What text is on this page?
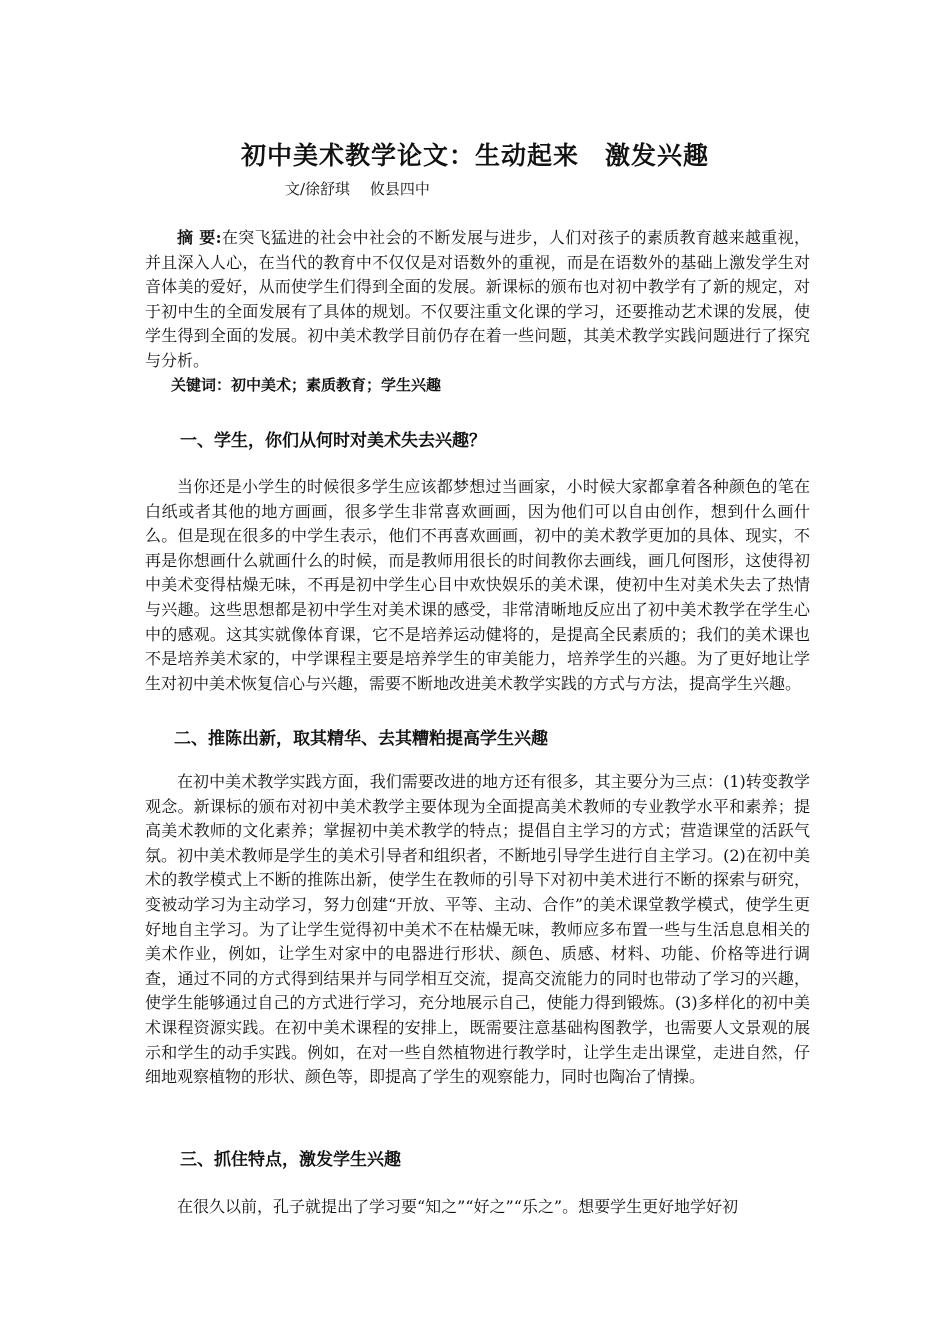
初中美术教学论文：生动起来　激发兴趣
文/徐舒琪　 攸县四中
摘 要:在突飞猛进的社会中社会的不断发展与进步，人们对孩子的素质教育越来越重视，并且深入人心，在当代的教育中不仅仅是对语数外的重视，而是在语数外的基础上激发学生对音体美的爱好，从而使学生们得到全面的发展。新课标的颁布也对初中教学有了新的规定，对于初中生的全面发展有了具体的规划。不仅要注重文化课的学习，还要推动艺术课的发展，使学生得到全面的发展。初中美术教学目前仍存在着一些问题，其美术教学实践问题进行了探究与分析。
关键词：初中美术；素质教育；学生兴趣
一、学生，你们从何时对美术失去兴趣？
当你还是小学生的时候很多学生应该都梦想过当画家，小时候大家都拿着各种颜色的笔在白纸或者其他的地方画画，很多学生非常喜欢画画，因为他们可以自由创作，想到什么画什么。但是现在很多的中学生表示，他们不再喜欢画画，初中的美术教学更加的具体、现实，不再是你想画什么就画什么的时候，而是教师用很长的时间教你去画线，画几何图形，这使得初中美术变得枯燥无味，不再是初中学生心目中欢快娱乐的美术课，使初中生对美术失去了热情与兴趣。这些思想都是初中学生对美术课的感受，非常清晰地反应出了初中美术教学在学生心中的感观。这其实就像体育课，它不是培养运动健将的，是提高全民素质的；我们的美术课也不是培养美术家的，中学课程主要是培养学生的审美能力，培养学生的兴趣。为了更好地让学生对初中美术恢复信心与兴趣，需要不断地改进美术教学实践的方式与方法，提高学生兴趣。
二、推陈出新，取其精华、去其糟粕提高学生兴趣
在初中美术教学实践方面，我们需要改进的地方还有很多，其主要分为三点：(1)转变教学观念。新课标的颁布对初中美术教学主要体现为全面提高美术教师的专业教学水平和素养；提高美术教师的文化素养；掌握初中美术教学的特点；提倡自主学习的方式；营造课堂的活跃气氛。初中美术教师是学生的美术引导者和组织者，不断地引导学生进行自主学习。(2)在初中美术的教学模式上不断的推陈出新，使学生在教师的引导下对初中美术进行不断的探索与研究，变被动学习为主动学习，努力创建“开放、平等、主动、合作”的美术课堂教学模式，使学生更好地自主学习。为了让学生觉得初中美术不在枯燥无味，教师应多布置一些与生活息息相关的美术作业，例如，让学生对家中的电器进行形状、颜色、质感、材料、功能、价格等进行调查，通过不同的方式得到结果并与同学相互交流，提高交流能力的同时也带动了学习的兴趣，使学生能够通过自己的方式进行学习，充分地展示自己，使能力得到锻炼。(3)多样化的初中美术课程资源实践。在初中美术课程的安排上，既需要注意基础构图教学，也需要人文景观的展示和学生的动手实践。例如，在对一些自然植物进行教学时，让学生走出课堂，走进自然，仔细地观察植物的形状、颜色等，即提高了学生的观察能力，同时也陶冶了情操。
三、抓住特点，激发学生兴趣
在很久以前，孔子就提出了学习要“知之”“好之”“乐之”。想要学生更好地学好初
